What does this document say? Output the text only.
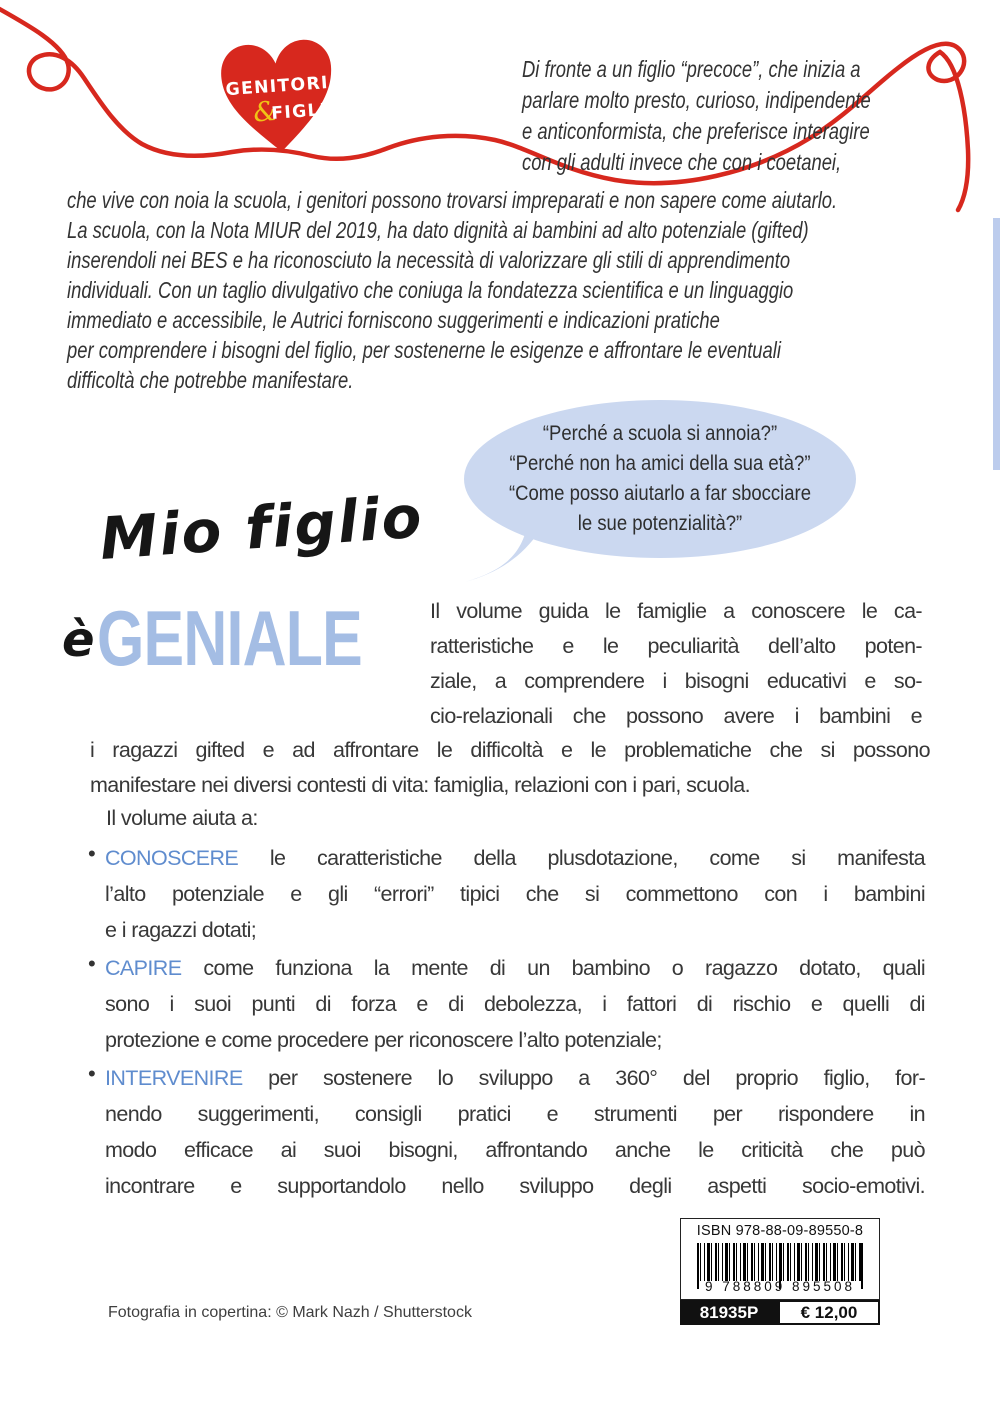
GENITORI
&
FIGLI
Di fronte a un figlio “precoce”, che inizia a
parlare molto presto, curioso, indipendente
e anticonformista, che preferisce interagire
con gli adulti invece che con i coetanei,
che vive con noia la scuola, i genitori possono trovarsi impreparati e non sapere come aiutarlo.
La scuola, con la Nota MIUR del 2019, ha dato dignità ai bambini ad alto potenziale (gifted)
inserendoli nei BES e ha riconosciuto la necessità di valorizzare gli stili di apprendimento
individuali. Con un taglio divulgativo che coniuga la fondatezza scientifica e un linguaggio
immediato e accessibile, le Autrici forniscono suggerimenti e indicazioni pratiche
per comprendere i bisogni del figlio, per sostenerne le esigenze e affrontare le eventuali
difficoltà che potrebbe manifestare.
“Perché a scuola si annoia?”
“Perché non ha amici della sua età?”
“Come posso aiutarlo a far sbocciare
le sue potenzialità?”
Mio figlio
è GENIALE	Il volume guida le famiglie a conoscere le ca-
ratteristiche e le peculiarità dell’alto poten-
ziale, a comprendere i bisogni educativi e so-
cio-relazionali che possono avere i bambini e
i ragazzi gifted e ad affrontare le difficoltà e le problematiche che si possono
manifestare nei diversi contesti di vita: famiglia, relazioni con i pari, scuola.
Il volume aiuta a:
• CONOSCERE le caratteristiche della plusdotazione, come si manifesta
l’alto potenziale e gli “errori” tipici che si commettono con i bambini
e i ragazzi dotati;
• CAPIRE come funziona la mente di un bambino o ragazzo dotato, quali
sono i suoi punti di forza e di debolezza, i fattori di rischio e quelli di
protezione e come procedere per riconoscere l’alto potenziale;
• INTERVENIRE per sostenere lo sviluppo a 360° del proprio figlio, for-
nendo suggerimenti, consigli pratici e strumenti per rispondere in
modo efficace ai suoi bisogni, affrontando anche le criticità che può
incontrare e supportandolo nello sviluppo degli aspetti socio-emotivi.
ISBN 978-88-09-89550-8
9 788809 895508
81935P	€ 12,00
Fotografia in copertina: © Mark Nazh / Shutterstock
